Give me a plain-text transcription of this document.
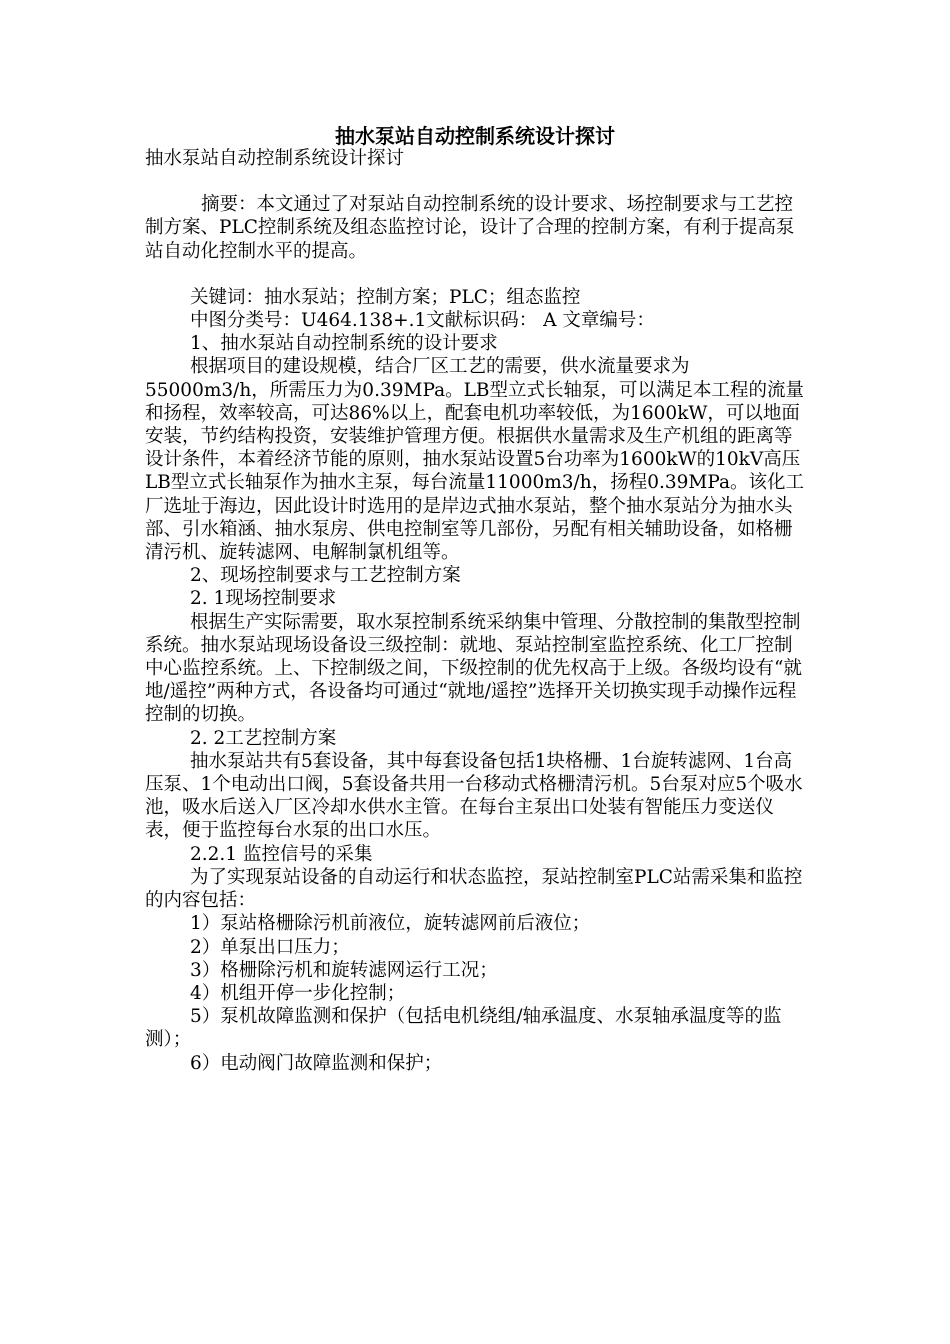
抽水泵站自动控制系统设计探讨

抽水泵站自动控制系统设计探讨

摘要：本文通过了对泵站自动控制系统的设计要求、场控制要求与工艺控制方案、PLC控制系统及组态监控讨论，设计了合理的控制方案，有利于提高泵站自动化控制水平的提高。

关键词：抽水泵站；控制方案；PLC；组态监控

中图分类号：U464.138+.1文献标识码： A 文章编号：

1、抽水泵站自动控制系统的设计要求

根据项目的建设规模，结合厂区工艺的需要，供水流量要求为55000m3/h，所需压力为0.39MPa。LB型立式长轴泵，可以满足本工程的流量和扬程，效率较高，可达86%以上，配套电机功率较低，为1600kW，可以地面安装，节约结构投资，安装维护管理方便。根据供水量需求及生产机组的距离等设计条件，本着经济节能的原则，抽水泵站设置5台功率为1600kW的10kV高压LB型立式长轴泵作为抽水主泵，每台流量11000m3/h，扬程0.39MPa。该化工厂选址于海边，因此设计时选用的是岸边式抽水泵站，整个抽水泵站分为抽水头部、引水箱涵、抽水泵房、供电控制室等几部份，另配有相关辅助设备，如格栅清污机、旋转滤网、电解制氯机组等。

2、现场控制要求与工艺控制方案

2. 1现场控制要求

根据生产实际需要，取水泵控制系统采纳集中管理、分散控制的集散型控制系统。抽水泵站现场设备设三级控制：就地、泵站控制室监控系统、化工厂控制中心监控系统。上、下控制级之间，下级控制的优先权高于上级。各级均设有“就地/遥控”两种方式，各设备均可通过“就地/遥控”选择开关切换实现手动操作远程控制的切换。

2. 2工艺控制方案

抽水泵站共有5套设备，其中每套设备包括1块格栅、1台旋转滤网、1台高压泵、1个电动出口阀，5套设备共用一台移动式格栅清污机。5台泵对应5个吸水池，吸水后送入厂区冷却水供水主管。在每台主泵出口处装有智能压力变送仪表，便于监控每台水泵的出口水压。

2.2.1 监控信号的采集

为了实现泵站设备的自动运行和状态监控，泵站控制室PLC站需采集和监控的内容包括：

1）泵站格栅除污机前液位，旋转滤网前后液位；

2）单泵出口压力；

3）格栅除污机和旋转滤网运行工况；

4）机组开停一步化控制；

5）泵机故障监测和保护（包括电机绕组/轴承温度、水泵轴承温度等的监测）；

6）电动阀门故障监测和保护；
